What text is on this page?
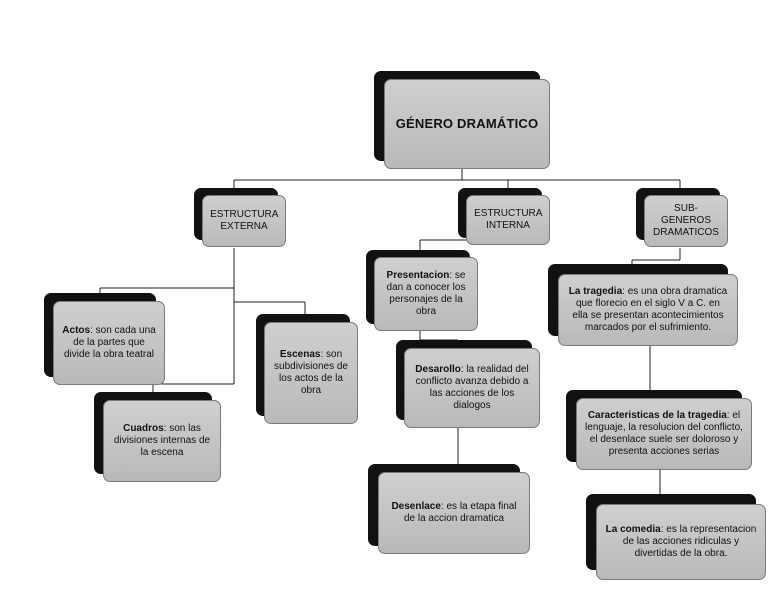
GÉNERO DRAMÁTICO
ESTRUCTURA EXTERNA
ESTRUCTURA INTERNA
SUB- GENEROS DRAMATICOS

Actos: son cada una de la partes que divide la obra teatral

Cuadros: son las divisiones internas de la escena

Escenas: son subdivisiones de los actos de la obra

Presentacion: se dan a conocer los personajes de la obra

Desarollo: la realidad del conflicto avanza debido a las acciones de los dialogos

Desenlace: es la etapa final de la accion dramatica

La tragedia: es una obra dramatica que florecio en el siglo V a C. en ella se presentan acontecimientos marcados por el sufrimiento.

Caracteristicas de la tragedia: el lenguaje, la resolucion del conflicto, el desenlace suele ser doloroso y presenta acciones serias

La comedia: es la representacion de las acciones ridiculas y divertidas de la obra.
